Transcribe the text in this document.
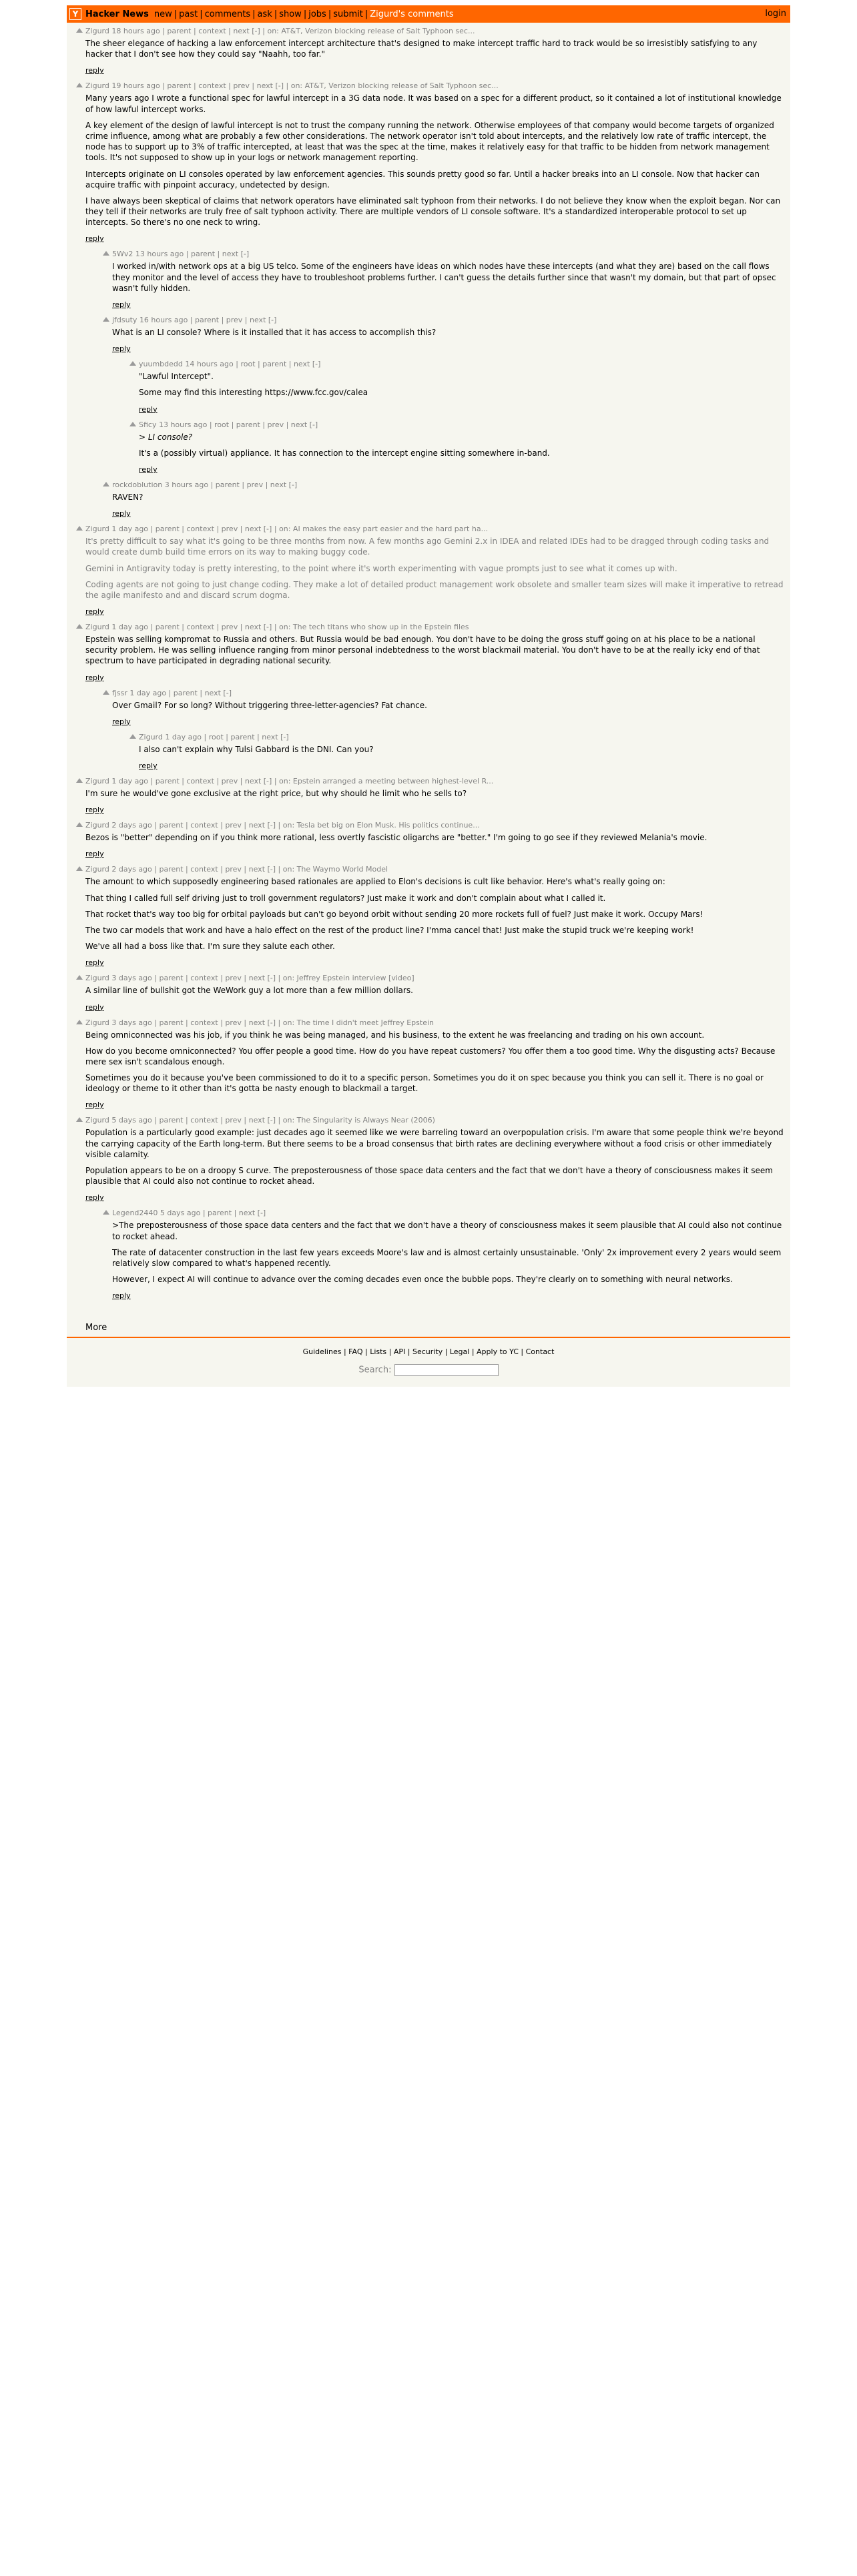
Y Hacker News new | past | comments | ask | show | jobs | submit | Zigurd's comments	login
Zigurd 18 hours ago | parent | context | next [-] | on: AT&T, Verizon blocking release of Salt Typhoon sec...

The sheer elegance of hacking a law enforcement intercept architecture that's designed to make intercept traffic hard to track would be so irresistibly satisfying to any hacker that I don't see how they could say "Naahh, too far."

reply
Zigurd 19 hours ago | parent | context | prev | next [-] | on: AT&T, Verizon blocking release of Salt Typhoon sec...

Many years ago I wrote a functional spec for lawful intercept in a 3G data node. It was based on a spec for a different product, so it contained a lot of institutional knowledge of how lawful intercept works.

A key element of the design of lawful intercept is not to trust the company running the network. Otherwise employees of that company would become targets of organized crime influence, among what are probably a few other considerations. The network operator isn't told about intercepts, and the relatively low rate of traffic intercept, the node has to support up to 3% of traffic intercepted, at least that was the spec at the time, makes it relatively easy for that traffic to be hidden from network management tools. It's not supposed to show up in your logs or network management reporting.

Intercepts originate on LI consoles operated by law enforcement agencies. This sounds pretty good so far. Until a hacker breaks into an LI console. Now that hacker can acquire traffic with pinpoint accuracy, undetected by design.

I have always been skeptical of claims that network operators have eliminated salt typhoon from their networks. I do not believe they know when the exploit began. Nor can they tell if their networks are truly free of salt typhoon activity. There are multiple vendors of LI console software. It's a standardized interoperable protocol to set up intercepts. So there's no one neck to wring.

reply
5Wv2 13 hours ago | parent | next [-]

I worked in/with network ops at a big US telco. Some of the engineers have ideas on which nodes have these intercepts (and what they are) based on the call flows they monitor and the level of access they have to troubleshoot problems further. I can't guess the details further since that wasn't my domain, but that part of opsec wasn't fully hidden.

reply
jfdsuty 16 hours ago | parent | prev | next [-]

What is an LI console? Where is it installed that it has access to accomplish this?

reply
yuumbdedd 14 hours ago | root | parent | next [-]

"Lawful Intercept".

Some may find this interesting https://www.fcc.gov/calea

reply
Sficy 13 hours ago | root | parent | prev | next [-]

> LI console?

It's a (possibly virtual) appliance. It has connection to the intercept engine sitting somewhere in-band.

reply
rockdoblution 3 hours ago | parent | prev | next [-]

RAVEN?

reply
Zigurd 1 day ago | parent | context | prev | next [-] | on: AI makes the easy part easier and the hard part ha...

It's pretty difficult to say what it's going to be three months from now. A few months ago Gemini 2.x in IDEA and related IDEs had to be dragged through coding tasks and would create dumb build time errors on its way to making buggy code.

Gemini in Antigravity today is pretty interesting, to the point where it's worth experimenting with vague prompts just to see what it comes up with.

Coding agents are not going to just change coding. They make a lot of detailed product management work obsolete and smaller team sizes will make it imperative to retread the agile manifesto and and discard scrum dogma.

reply
Zigurd 1 day ago | parent | context | prev | next [-] | on: The tech titans who show up in the Epstein files

Epstein was selling kompromat to Russia and others. But Russia would be bad enough. You don't have to be doing the gross stuff going on at his place to be a national security problem. He was selling influence ranging from minor personal indebtedness to the worst blackmail material. You don't have to be at the really icky end of that spectrum to have participated in degrading national security.

reply
fjssr 1 day ago | parent | next [-]

Over Gmail? For so long? Without triggering three-letter-agencies? Fat chance.

reply
Zigurd 1 day ago | root | parent | next [-]

I also can't explain why Tulsi Gabbard is the DNI. Can you?

reply
Zigurd 1 day ago | parent | context | prev | next [-] | on: Epstein arranged a meeting between highest-level R...

I'm sure he would've gone exclusive at the right price, but why should he limit who he sells to?

reply
Zigurd 2 days ago | parent | context | prev | next [-] | on: Tesla bet big on Elon Musk. His politics continue...

Bezos is "better" depending on if you think more rational, less overtly fascistic oligarchs are "better." I'm going to go see if they reviewed Melania's movie.

reply
Zigurd 2 days ago | parent | context | prev | next [-] | on: The Waymo World Model

The amount to which supposedly engineering based rationales are applied to Elon's decisions is cult like behavior. Here's what's really going on:

That thing I called full self driving just to troll government regulators? Just make it work and don't complain about what I called it.

That rocket that's way too big for orbital payloads but can't go beyond orbit without sending 20 more rockets full of fuel? Just make it work. Occupy Mars!

The two car models that work and have a halo effect on the rest of the product line? I'mma cancel that! Just make the stupid truck we're keeping work!

We've all had a boss like that. I'm sure they salute each other.

reply
Zigurd 3 days ago | parent | context | prev | next [-] | on: Jeffrey Epstein interview [video]

A similar line of bullshit got the WeWork guy a lot more than a few million dollars.

reply
Zigurd 3 days ago | parent | context | prev | next [-] | on: The time I didn't meet Jeffrey Epstein

Being omniconnected was his job, if you think he was being managed, and his business, to the extent he was freelancing and trading on his own account.

How do you become omniconnected? You offer people a good time. How do you have repeat customers? You offer them a too good time. Why the disgusting acts? Because mere sex isn't scandalous enough.

Sometimes you do it because you've been commissioned to do it to a specific person. Sometimes you do it on spec because you think you can sell it. There is no goal or ideology or theme to it other than it's gotta be nasty enough to blackmail a target.

reply
Zigurd 5 days ago | parent | context | prev | next [-] | on: The Singularity is Always Near (2006)

Population is a particularly good example: just decades ago it seemed like we were barreling toward an overpopulation crisis. I'm aware that some people think we're beyond the carrying capacity of the Earth long-term. But there seems to be a broad consensus that birth rates are declining everywhere without a food crisis or other immediately visible calamity.

Population appears to be on a droopy S curve. The preposterousness of those space data centers and the fact that we don't have a theory of consciousness makes it seem plausible that AI could also not continue to rocket ahead.

reply
Legend2440 5 days ago | parent | next [-]

>The preposterousness of those space data centers and the fact that we don't have a theory of consciousness makes it seem plausible that AI could also not continue to rocket ahead.

The rate of datacenter construction in the last few years exceeds Moore's law and is almost certainly unsustainable. 'Only' 2x improvement every 2 years would seem relatively slow compared to what's happened recently.

However, I expect AI will continue to advance over the coming decades even once the bubble pops. They're clearly on to something with neural networks.

reply
More
Guidelines | FAQ | Lists | API | Security | Legal | Apply to YC | Contact
Search:
